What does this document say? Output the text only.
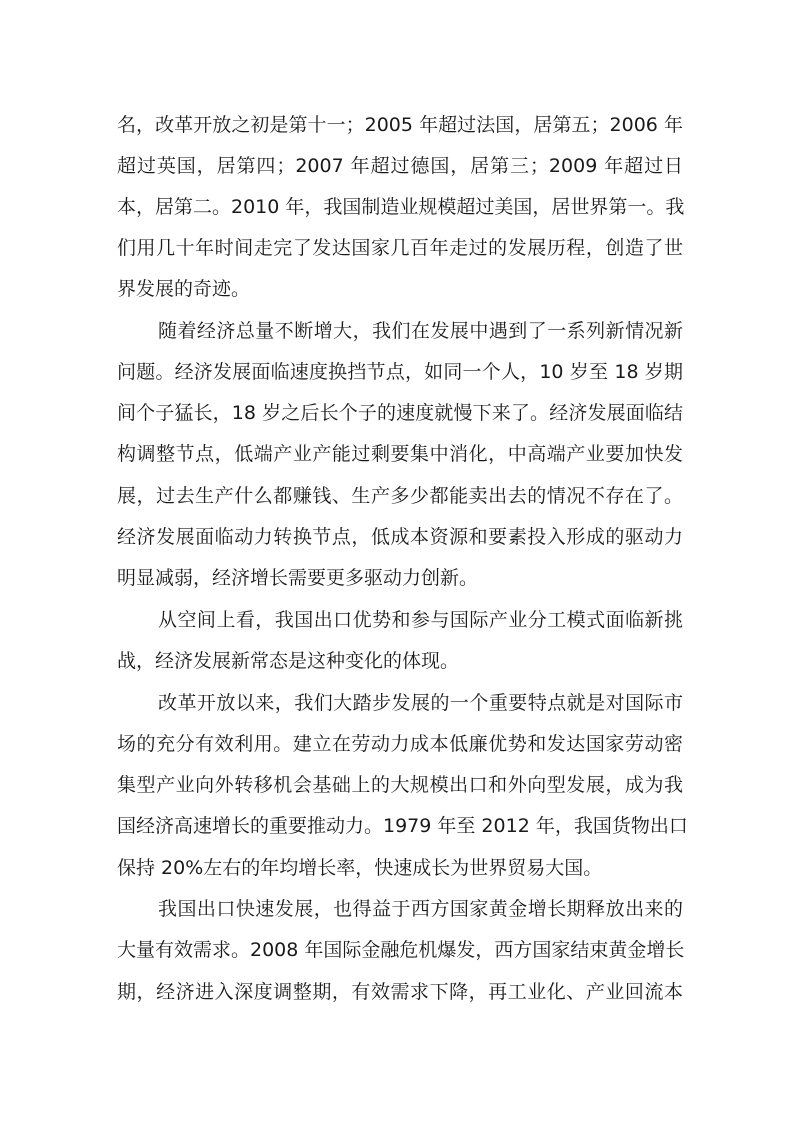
名，改革开放之初是第十一；2005 年超过法国，居第五；2006 年
超过英国，居第四；2007 年超过德国，居第三；2009 年超过日
本，居第二。2010 年，我国制造业规模超过美国，居世界第一。我
们用几十年时间走完了发达国家几百年走过的发展历程，创造了世
界发展的奇迹。
随着经济总量不断增大，我们在发展中遇到了一系列新情况新
问题。经济发展面临速度换挡节点，如同一个人，10 岁至 18 岁期
间个子猛长，18 岁之后长个子的速度就慢下来了。经济发展面临结
构调整节点，低端产业产能过剩要集中消化，中高端产业要加快发
展，过去生产什么都赚钱、生产多少都能卖出去的情况不存在了。
经济发展面临动力转换节点，低成本资源和要素投入形成的驱动力
明显减弱，经济增长需要更多驱动力创新。
从空间上看，我国出口优势和参与国际产业分工模式面临新挑
战，经济发展新常态是这种变化的体现。
改革开放以来，我们大踏步发展的一个重要特点就是对国际市
场的充分有效利用。建立在劳动力成本低廉优势和发达国家劳动密
集型产业向外转移机会基础上的大规模出口和外向型发展，成为我
国经济高速增长的重要推动力。1979 年至 2012 年，我国货物出口
保持 20%左右的年均增长率，快速成长为世界贸易大国。
我国出口快速发展，也得益于西方国家黄金增长期释放出来的
大量有效需求。2008 年国际金融危机爆发，西方国家结束黄金增长
期，经济进入深度调整期，有效需求下降，再工业化、产业回流本
